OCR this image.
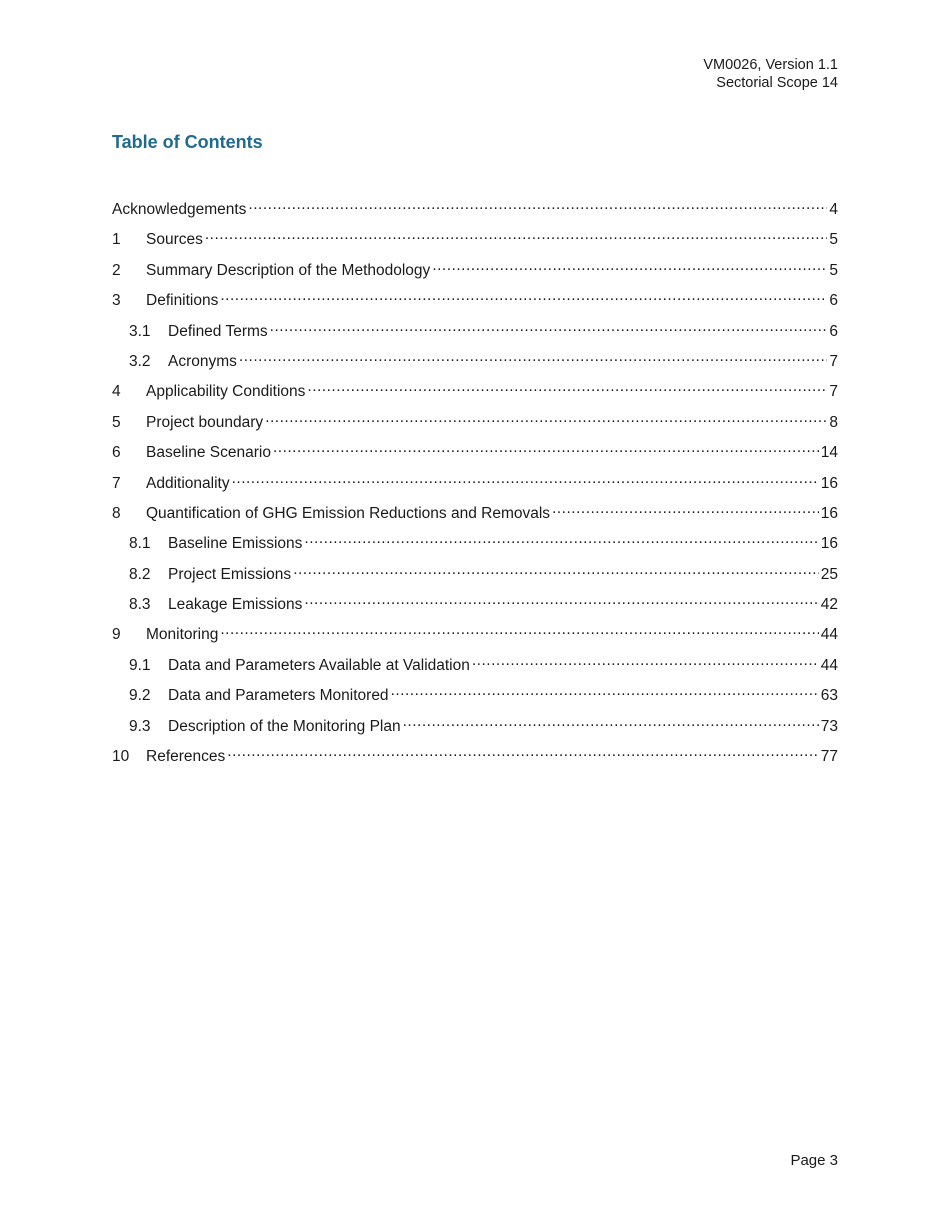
VM0026, Version 1.1
Sectorial Scope 14
Table of Contents
Acknowledgements .....	4
1	Sources .....	5
2	Summary Description of the Methodology .....	5
3	Definitions .....	6
3.1	Defined Terms .....	6
3.2	Acronyms .....	7
4	Applicability Conditions .....	7
5	Project boundary .....	8
6	Baseline Scenario .....	14
7	Additionality .....	16
8	Quantification of GHG Emission Reductions and Removals .....	16
8.1	Baseline Emissions .....	16
8.2	Project Emissions .....	25
8.3	Leakage Emissions .....	42
9	Monitoring .....	44
9.1	Data and Parameters Available at Validation .....	44
9.2	Data and Parameters Monitored .....	63
9.3	Description of the Monitoring Plan .....	73
10	References .....	77
Page 3
